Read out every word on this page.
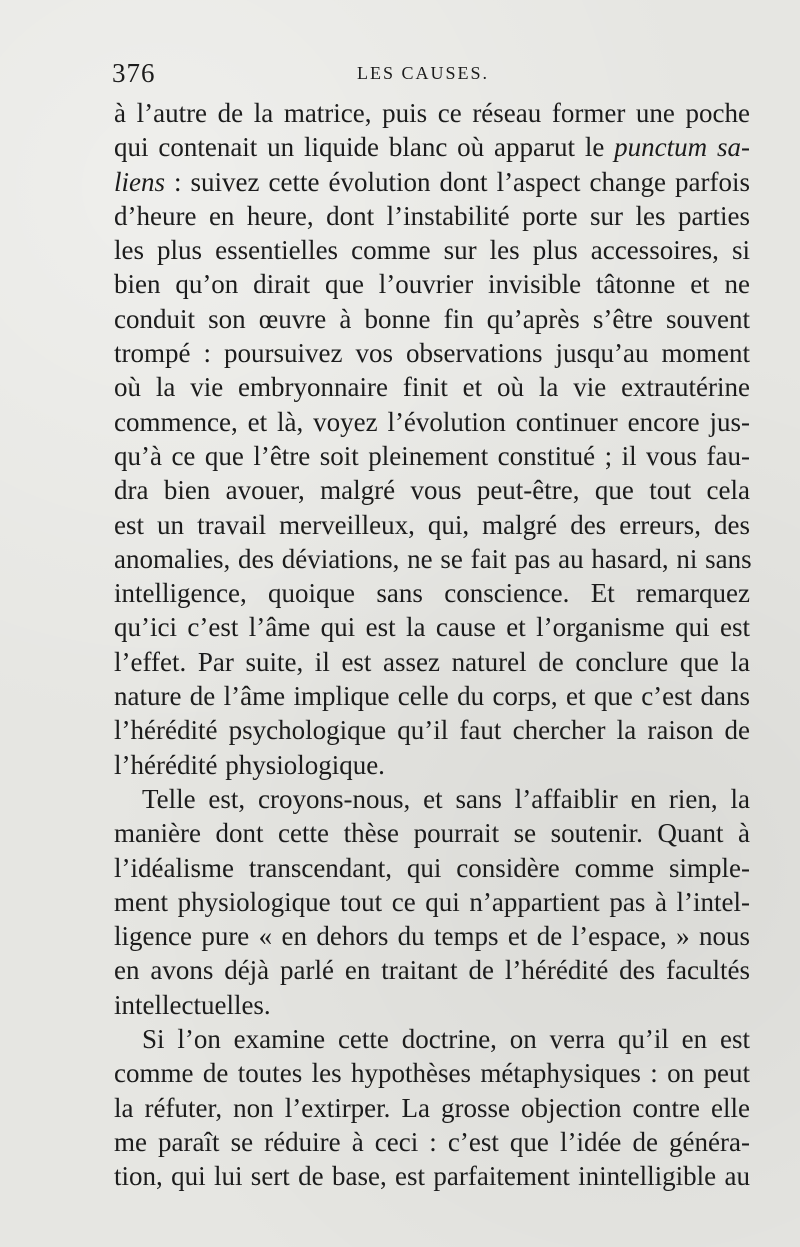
376	LES CAUSES.
à l’autre de la matrice, puis ce réseau former une poche
qui contenait un liquide blanc où apparut le punctum sa-
liens : suivez cette évolution dont l’aspect change parfois
d’heure en heure, dont l’instabilité porte sur les parties
les plus essentielles comme sur les plus accessoires, si
bien qu’on dirait que l’ouvrier invisible tâtonne et ne
conduit son œuvre à bonne fin qu’après s’être souvent
trompé : poursuivez vos observations jusqu’au moment
où la vie embryonnaire finit et où la vie extrautérine
commence, et là, voyez l’évolution continuer encore jus-
qu’à ce que l’être soit pleinement constitué ; il vous fau-
dra bien avouer, malgré vous peut-être, que tout cela
est un travail merveilleux, qui, malgré des erreurs, des
anomalies, des déviations, ne se fait pas au hasard, ni sans
intelligence, quoique sans conscience. Et remarquez
qu’ici c’est l’âme qui est la cause et l’organisme qui est
l’effet. Par suite, il est assez naturel de conclure que la
nature de l’âme implique celle du corps, et que c’est dans
l’hérédité psychologique qu’il faut chercher la raison de
l’hérédité physiologique.
Telle est, croyons-nous, et sans l’affaiblir en rien, la
manière dont cette thèse pourrait se soutenir. Quant à
l’idéalisme transcendant, qui considère comme simple-
ment physiologique tout ce qui n’appartient pas à l’intel-
ligence pure « en dehors du temps et de l’espace, » nous
en avons déjà parlé en traitant de l’hérédité des facultés
intellectuelles.
Si l’on examine cette doctrine, on verra qu’il en est
comme de toutes les hypothèses métaphysiques : on peut
la réfuter, non l’extirper. La grosse objection contre elle
me paraît se réduire à ceci : c’est que l’idée de généra-
tion, qui lui sert de base, est parfaitement inintelligible au
